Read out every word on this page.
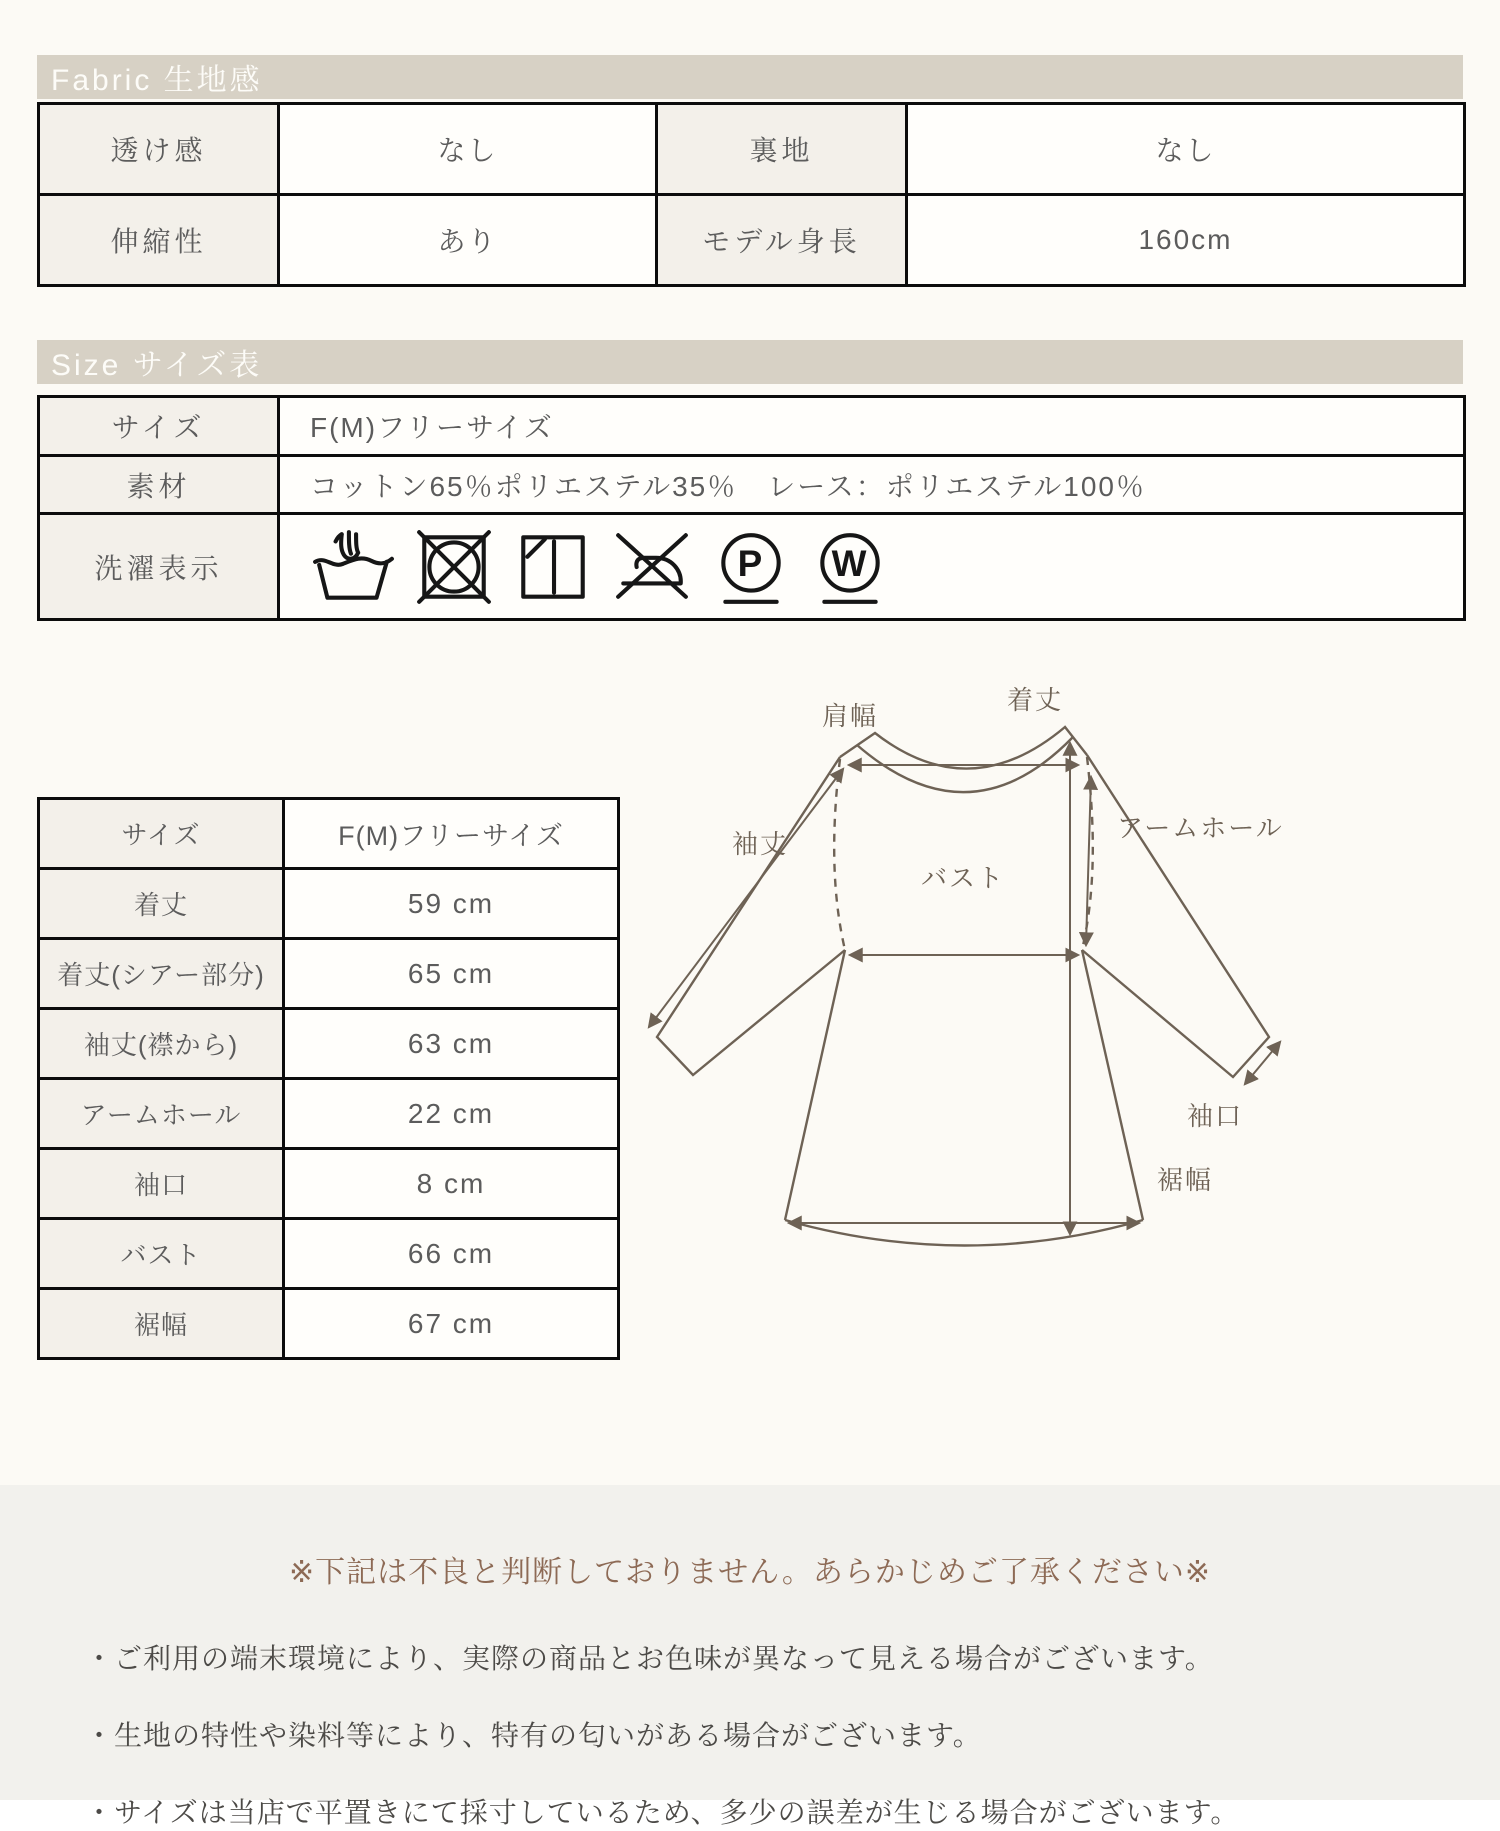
Fabric 生地感
透け感	なし	裏地	なし
伸縮性	あり	モデル身長	160cm
Size サイズ表
サイズ	F(M)フリーサイズ
素材	コットン65％ポリエステル35％　レース：ポリエステル100％
洗濯表示	P W
サイズ	F(M)フリーサイズ
着丈	59 cm
着丈(シアー部分)	65 cm
袖丈(襟から)	63 cm
アームホール	22 cm
袖口	8 cm
バスト	66 cm
裾幅	67 cm
着丈
肩幅
袖丈
アームホール
バスト
袖口
裾幅
※下記は不良と判断しておりません。あらかじめご了承ください※
・ご利用の端末環境により、実際の商品とお色味が異なって見える場合がございます。
・生地の特性や染料等により、特有の匂いがある場合がございます。
・サイズは当店で平置きにて採寸しているため、多少の誤差が生じる場合がございます。
